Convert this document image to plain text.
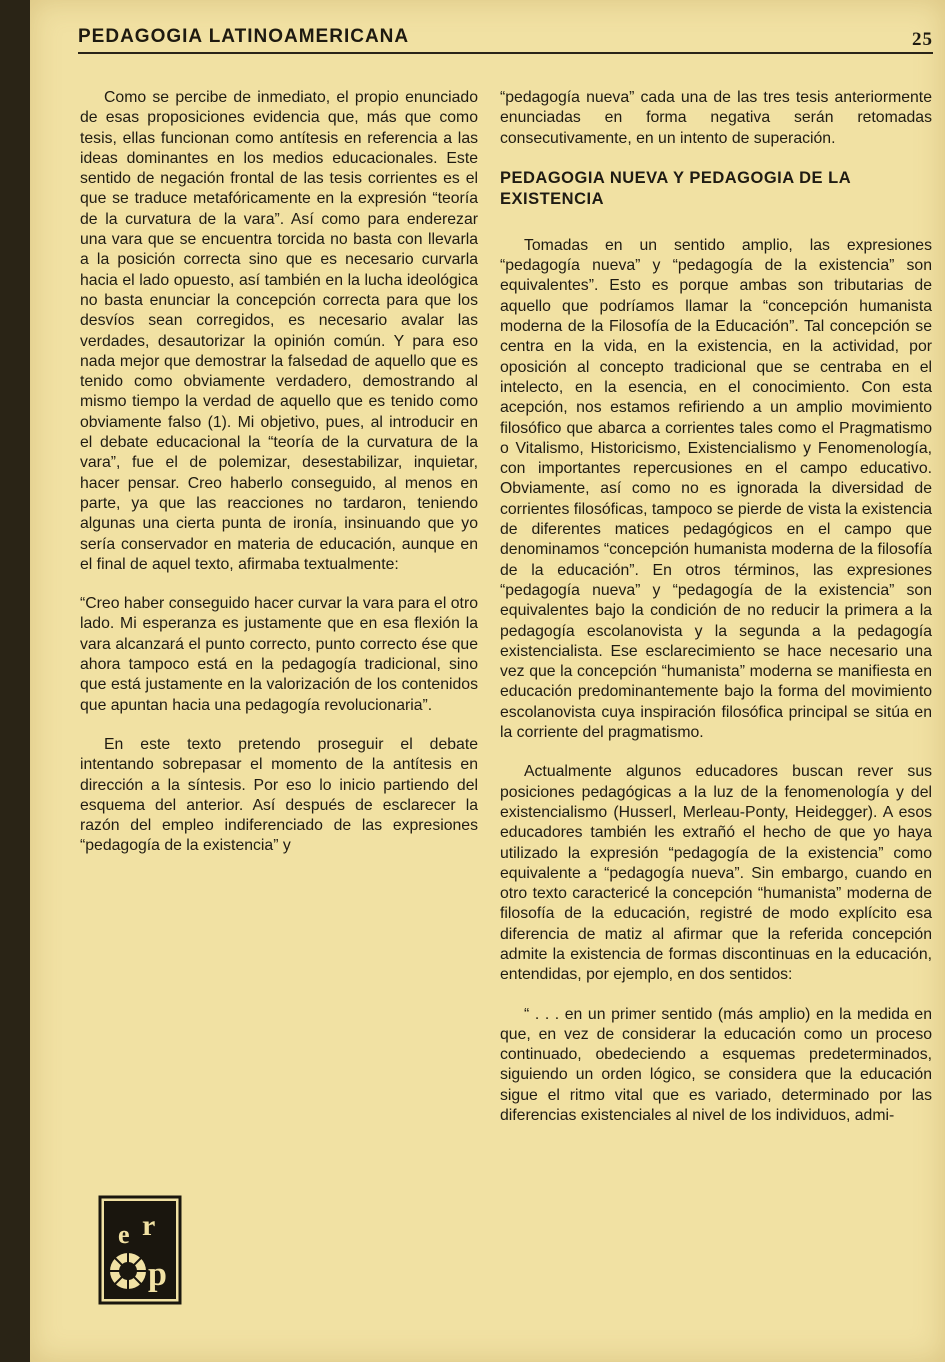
PEDAGOGIA LATINOAMERICANA	25

Como se percibe de inmediato, el propio enunciado de esas proposiciones evidencia que, más que como tesis, ellas funcionan como antítesis en referencia a las ideas dominantes en los medios educacionales. Este sentido de negación frontal de las tesis corrientes es el que se traduce metafóricamente en la expresión “teoría de la curvatura de la vara”. Así como para enderezar una vara que se encuentra torcida no basta con llevarla a la posición correcta sino que es necesario curvarla hacia el lado opuesto, así también en la lucha ideológica no basta enunciar la concepción correcta para que los desvíos sean corregidos, es necesario avalar las verdades, desautorizar la opinión común. Y para eso nada mejor que demostrar la falsedad de aquello que es tenido como obviamente verdadero, demostrando al mismo tiempo la verdad de aquello que es tenido como obviamente falso (1). Mi objetivo, pues, al introducir en el debate educacional la “teoría de la curvatura de la vara”, fue el de polemizar, desestabilizar, inquietar, hacer pensar. Creo haberlo conseguido, al menos en parte, ya que las reacciones no tardaron, teniendo algunas una cierta punta de ironía, insinuando que yo sería conservador en materia de educación, aunque en el final de aquel texto, afirmaba textualmente:

“Creo haber conseguido hacer curvar la vara para el otro lado. Mi esperanza es justamente que en esa flexión la vara alcanzará el punto correcto, punto correcto ése que ahora tampoco está en la pedagogía tradicional, sino que está justamente en la valorización de los contenidos que apuntan hacia una pedagogía revolucionaria”.

En este texto pretendo proseguir el debate intentando sobrepasar el momento de la antítesis en dirección a la síntesis. Por eso lo inicio partiendo del esquema del anterior. Así después de esclarecer la razón del empleo indiferenciado de las expresiones “pedagogía de la existencia” y

“pedagogía nueva” cada una de las tres tesis anteriormente enunciadas en forma negativa serán retomadas consecutivamente, en un intento de superación.

PEDAGOGIA NUEVA Y PEDAGOGIA DE LA EXISTENCIA

Tomadas en un sentido amplio, las expresiones “pedagogía nueva” y “pedagogía de la existencia” son equivalentes”. Esto es porque ambas son tributarias de aquello que podríamos llamar la “concepción humanista moderna de la Filosofía de la Educación”. Tal concepción se centra en la vida, en la existencia, en la actividad, por oposición al concepto tradicional que se centraba en el intelecto, en la esencia, en el conocimiento. Con esta acepción, nos estamos refiriendo a un amplio movimiento filosófico que abarca a corrientes tales como el Pragmatismo o Vitalismo, Historicismo, Existencialismo y Fenomenología, con importantes repercusiones en el campo educativo. Obviamente, así como no es ignorada la diversidad de corrientes filosóficas, tampoco se pierde de vista la existencia de diferentes matices pedagógicos en el campo que denominamos “concepción humanista moderna de la filosofía de la educación”. En otros términos, las expresiones “pedagogía nueva” y “pedagogía de la existencia” son equivalentes bajo la condición de no reducir la primera a la pedagogía escolanovista y la segunda a la pedagogía existencialista. Ese esclarecimiento se hace necesario una vez que la concepción “humanista” moderna se manifiesta en educación predominantemente bajo la forma del movimiento escolanovista cuya inspiración filosófica principal se sitúa en la corriente del pragmatismo.

Actualmente algunos educadores buscan rever sus posiciones pedagógicas a la luz de la fenomenología y del existencialismo (Husserl, Merleau-Ponty, Heidegger). A esos educadores también les extrañó el hecho de que yo haya utilizado la expresión “pedagogía de la existencia” como equivalente a “pedagogía nueva”. Sin embargo, cuando en otro texto caractericé la concepción “humanista” moderna de filosofía de la educación, registré de modo explícito esa diferencia de matiz al afirmar que la referida concepción admite la existencia de formas discontinuas en la educación, entendidas, por ejemplo, en dos sentidos:

“ . . . en un primer sentido (más amplio) en la medida en que, en vez de considerar la educación como un proceso continuado, obedeciendo a esquemas predeterminados, siguiendo un orden lógico, se considera que la educación sigue el ritmo vital que es variado, determinado por las diferencias existenciales al nivel de los individuos, admi-

r
e
p
